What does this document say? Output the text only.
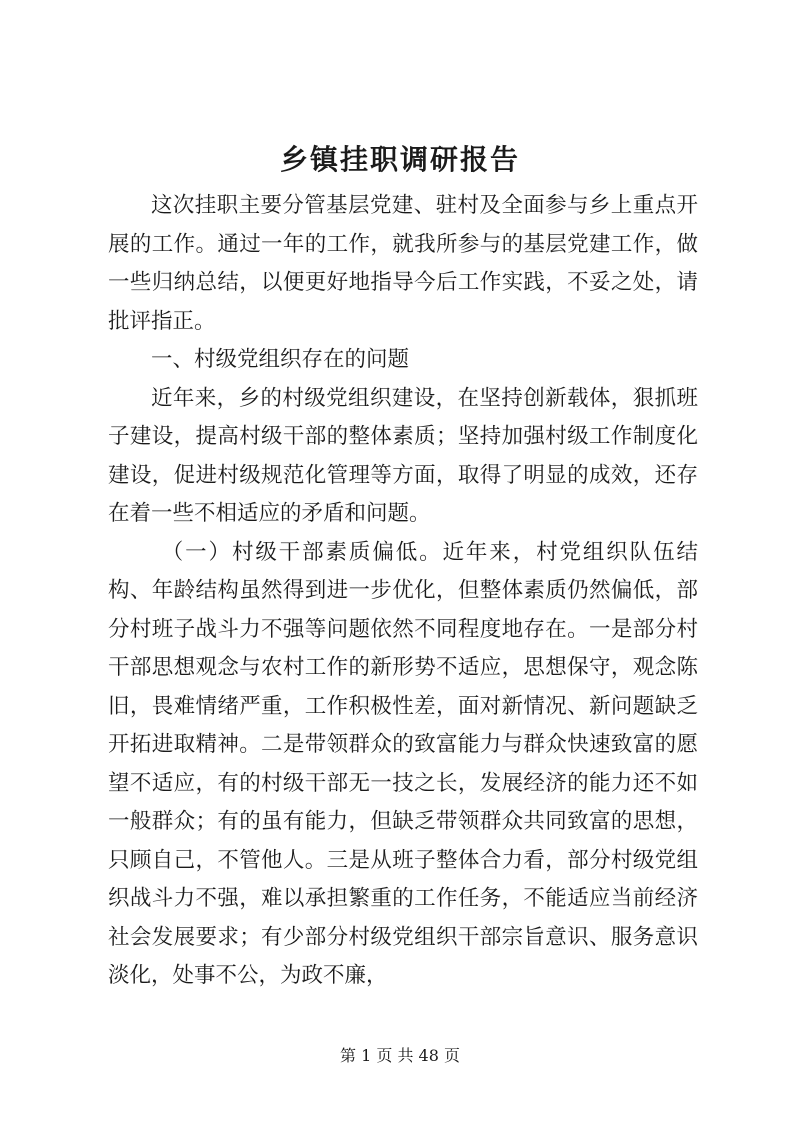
乡镇挂职调研报告

这次挂职主要分管基层党建、驻村及全面参与乡上重点开展的工作。通过一年的工作，就我所参与的基层党建工作，做一些归纳总结，以便更好地指导今后工作实践，不妥之处，请批评指正。

一、村级党组织存在的问题

近年来，乡的村级党组织建设，在坚持创新载体，狠抓班子建设，提高村级干部的整体素质；坚持加强村级工作制度化建设，促进村级规范化管理等方面，取得了明显的成效，还存在着一些不相适应的矛盾和问题。

（一）村级干部素质偏低。近年来，村党组织队伍结构、年龄结构虽然得到进一步优化，但整体素质仍然偏低，部分村班子战斗力不强等问题依然不同程度地存在。一是部分村干部思想观念与农村工作的新形势不适应，思想保守，观念陈旧，畏难情绪严重，工作积极性差，面对新情况、新问题缺乏开拓进取精神。二是带领群众的致富能力与群众快速致富的愿望不适应，有的村级干部无一技之长，发展经济的能力还不如一般群众；有的虽有能力，但缺乏带领群众共同致富的思想，只顾自己，不管他人。三是从班子整体合力看，部分村级党组织战斗力不强，难以承担繁重的工作任务，不能适应当前经济社会发展要求；有少部分村级党组织干部宗旨意识、服务意识淡化，处事不公，为政不廉，

第 1 页 共 48 页
